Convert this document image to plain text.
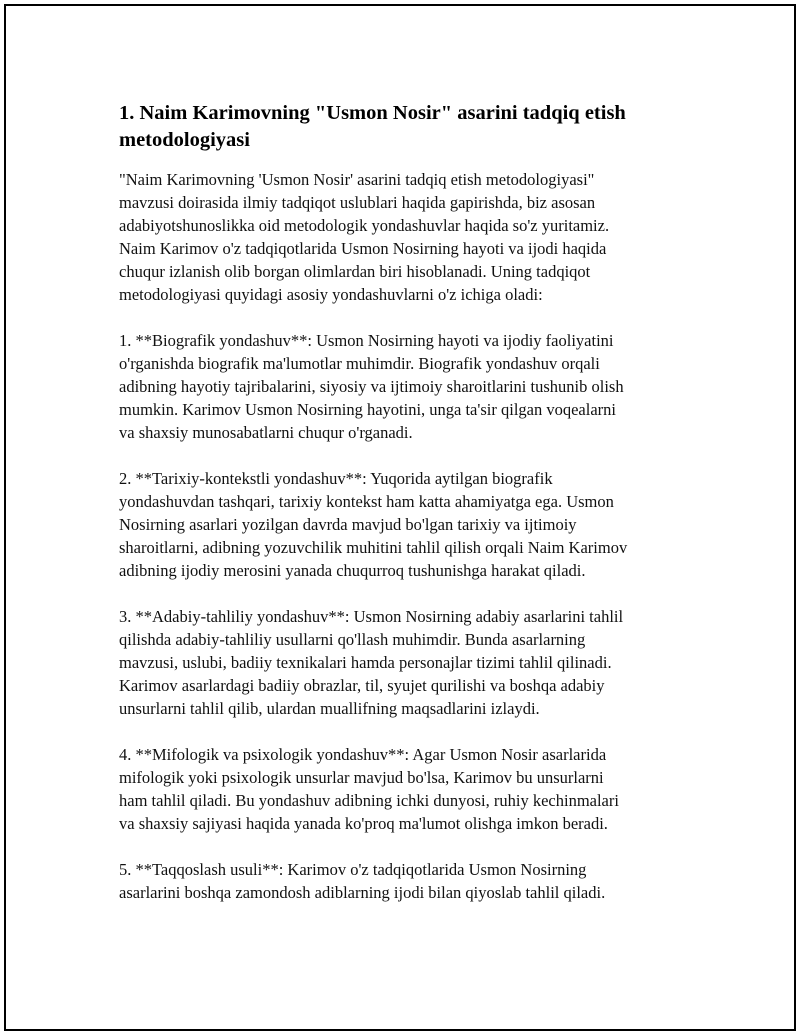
1. Naim Karimovning "Usmon Nosir" asarini tadqiq etish
metodologiyasi
"Naim Karimovning 'Usmon Nosir' asarini tadqiq etish metodologiyasi"
mavzusi doirasida ilmiy tadqiqot uslublari haqida gapirishda, biz asosan
adabiyotshunoslikka oid metodologik yondashuvlar haqida so'z yuritamiz.
Naim Karimov o'z tadqiqotlarida Usmon Nosirning hayoti va ijodi haqida
chuqur izlanish olib borgan olimlardan biri hisoblanadi. Uning tadqiqot
metodologiyasi quyidagi asosiy yondashuvlarni o'z ichiga oladi:
1. **Biografik yondashuv**: Usmon Nosirning hayoti va ijodiy faoliyatini
o'rganishda biografik ma'lumotlar muhimdir. Biografik yondashuv orqali
adibning hayotiy tajribalarini, siyosiy va ijtimoiy sharoitlarini tushunib olish
mumkin. Karimov Usmon Nosirning hayotini, unga ta'sir qilgan voqealarni
va shaxsiy munosabatlarni chuqur o'rganadi.
2. **Tarixiy-kontekstli yondashuv**: Yuqorida aytilgan biografik
yondashuvdan tashqari, tarixiy kontekst ham katta ahamiyatga ega. Usmon
Nosirning asarlari yozilgan davrda mavjud bo'lgan tarixiy va ijtimoiy
sharoitlarni, adibning yozuvchilik muhitini tahlil qilish orqali Naim Karimov
adibning ijodiy merosini yanada chuqurroq tushunishga harakat qiladi.
3. **Adabiy-tahliliy yondashuv**: Usmon Nosirning adabiy asarlarini tahlil
qilishda adabiy-tahliliy usullarni qo'llash muhimdir. Bunda asarlarning
mavzusi, uslubi, badiiy texnikalari hamda personajlar tizimi tahlil qilinadi.
Karimov asarlardagi badiiy obrazlar, til, syujet qurilishi va boshqa adabiy
unsurlarni tahlil qilib, ulardan muallifning maqsadlarini izlaydi.
4. **Mifologik va psixologik yondashuv**: Agar Usmon Nosir asarlarida
mifologik yoki psixologik unsurlar mavjud bo'lsa, Karimov bu unsurlarni
ham tahlil qiladi. Bu yondashuv adibning ichki dunyosi, ruhiy kechinmalari
va shaxsiy sajiyasi haqida yanada ko'proq ma'lumot olishga imkon beradi.
5. **Taqqoslash usuli**: Karimov o'z tadqiqotlarida Usmon Nosirning
asarlarini boshqa zamondosh adiblarning ijodi bilan qiyoslab tahlil qiladi.
